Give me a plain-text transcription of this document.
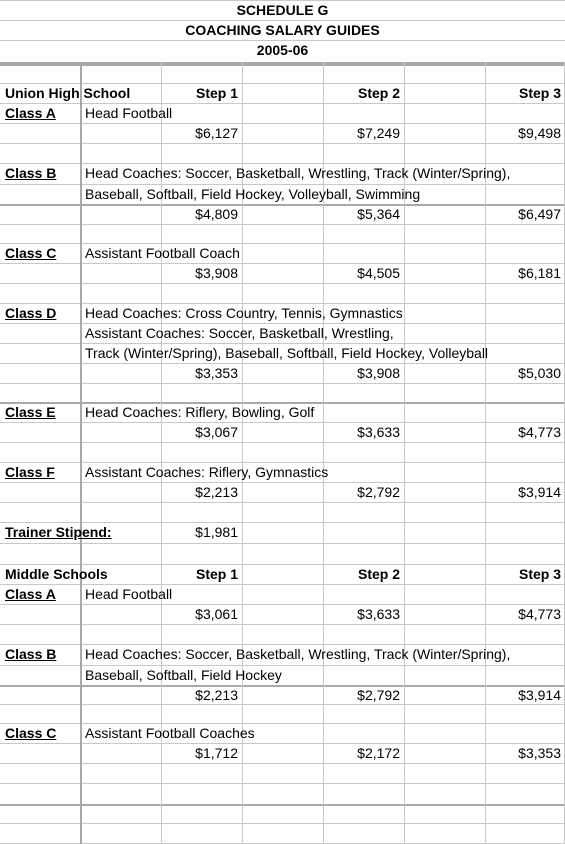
SCHEDULE G
COACHING SALARY GUIDES
2005-06
Union High School	Step 1	Step 2	Step 3
Class A Head Football
$6,127	$7,249	$9,498
Class B Head Coaches: Soccer, Basketball, Wrestling, Track (Winter/Spring),
Baseball, Softball, Field Hockey, Volleyball, Swimming
$4,809	$5,364	$6,497
Class C Assistant Football Coach
$3,908	$4,505	$6,181
Class D Head Coaches: Cross Country, Tennis, Gymnastics
Assistant Coaches: Soccer, Basketball, Wrestling,
Track (Winter/Spring), Baseball, Softball, Field Hockey, Volleyball
$3,353	$3,908	$5,030
Class E Head Coaches: Riflery, Bowling, Golf
$3,067	$3,633	$4,773
Class F Assistant Coaches: Riflery, Gymnastics
$2,213	$2,792	$3,914
Trainer Stipend:	$1,981
Middle Schools	Step 1	Step 2	Step 3
Class A Head Football
$3,061	$3,633	$4,773
Class B Head Coaches: Soccer, Basketball, Wrestling, Track (Winter/Spring),
Baseball, Softball, Field Hockey
$2,213	$2,792	$3,914
Class C Assistant Football Coaches
$1,712	$2,172	$3,353
